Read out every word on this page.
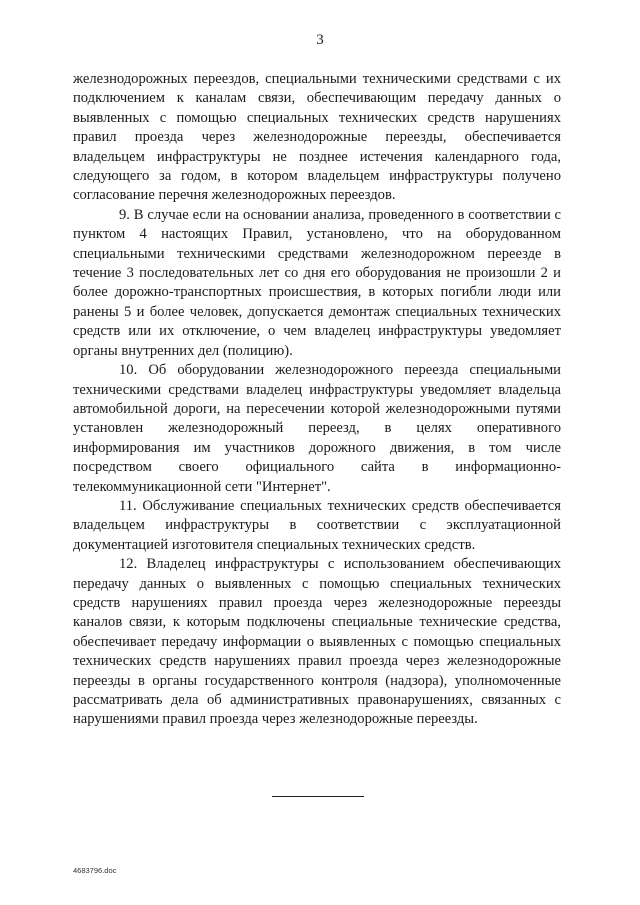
3

железнодорожных переездов, специальными техническими средствами с их подключением к каналам связи, обеспечивающим передачу данных о выявленных с помощью специальных технических средств нарушениях правил проезда через железнодорожные переезды, обеспечивается владельцем инфраструктуры не позднее истечения календарного года, следующего за годом, в котором владельцем инфраструктуры получено согласование перечня железнодорожных переездов.

9. В случае если на основании анализа, проведенного в соответствии с пунктом 4 настоящих Правил, установлено, что на оборудованном специальными техническими средствами железнодорожном переезде в течение 3 последовательных лет со дня его оборудования не произошли 2 и более дорожно-транспортных происшествия, в которых погибли люди или ранены 5 и более человек, допускается демонтаж специальных технических средств или их отключение, о чем владелец инфраструктуры уведомляет органы внутренних дел (полицию).

10. Об оборудовании железнодорожного переезда специальными техническими средствами владелец инфраструктуры уведомляет владельца автомобильной дороги, на пересечении которой железнодорожными путями установлен железнодорожный переезд, в целях оперативного информирования им участников дорожного движения, в том числе посредством своего официального сайта в информационно-телекоммуникационной сети "Интернет".

11. Обслуживание специальных технических средств обеспечивается владельцем инфраструктуры в соответствии с эксплуатационной документацией изготовителя специальных технических средств.

12. Владелец инфраструктуры с использованием обеспечивающих передачу данных о выявленных с помощью специальных технических средств нарушениях правил проезда через железнодорожные переезды каналов связи, к которым подключены специальные технические средства, обеспечивает передачу информации о выявленных с помощью специальных технических средств нарушениях правил проезда через железнодорожные переезды в органы государственного контроля (надзора), уполномоченные рассматривать дела об административных правонарушениях, связанных с нарушениями правил проезда через железнодорожные переезды.

4683796.doc
